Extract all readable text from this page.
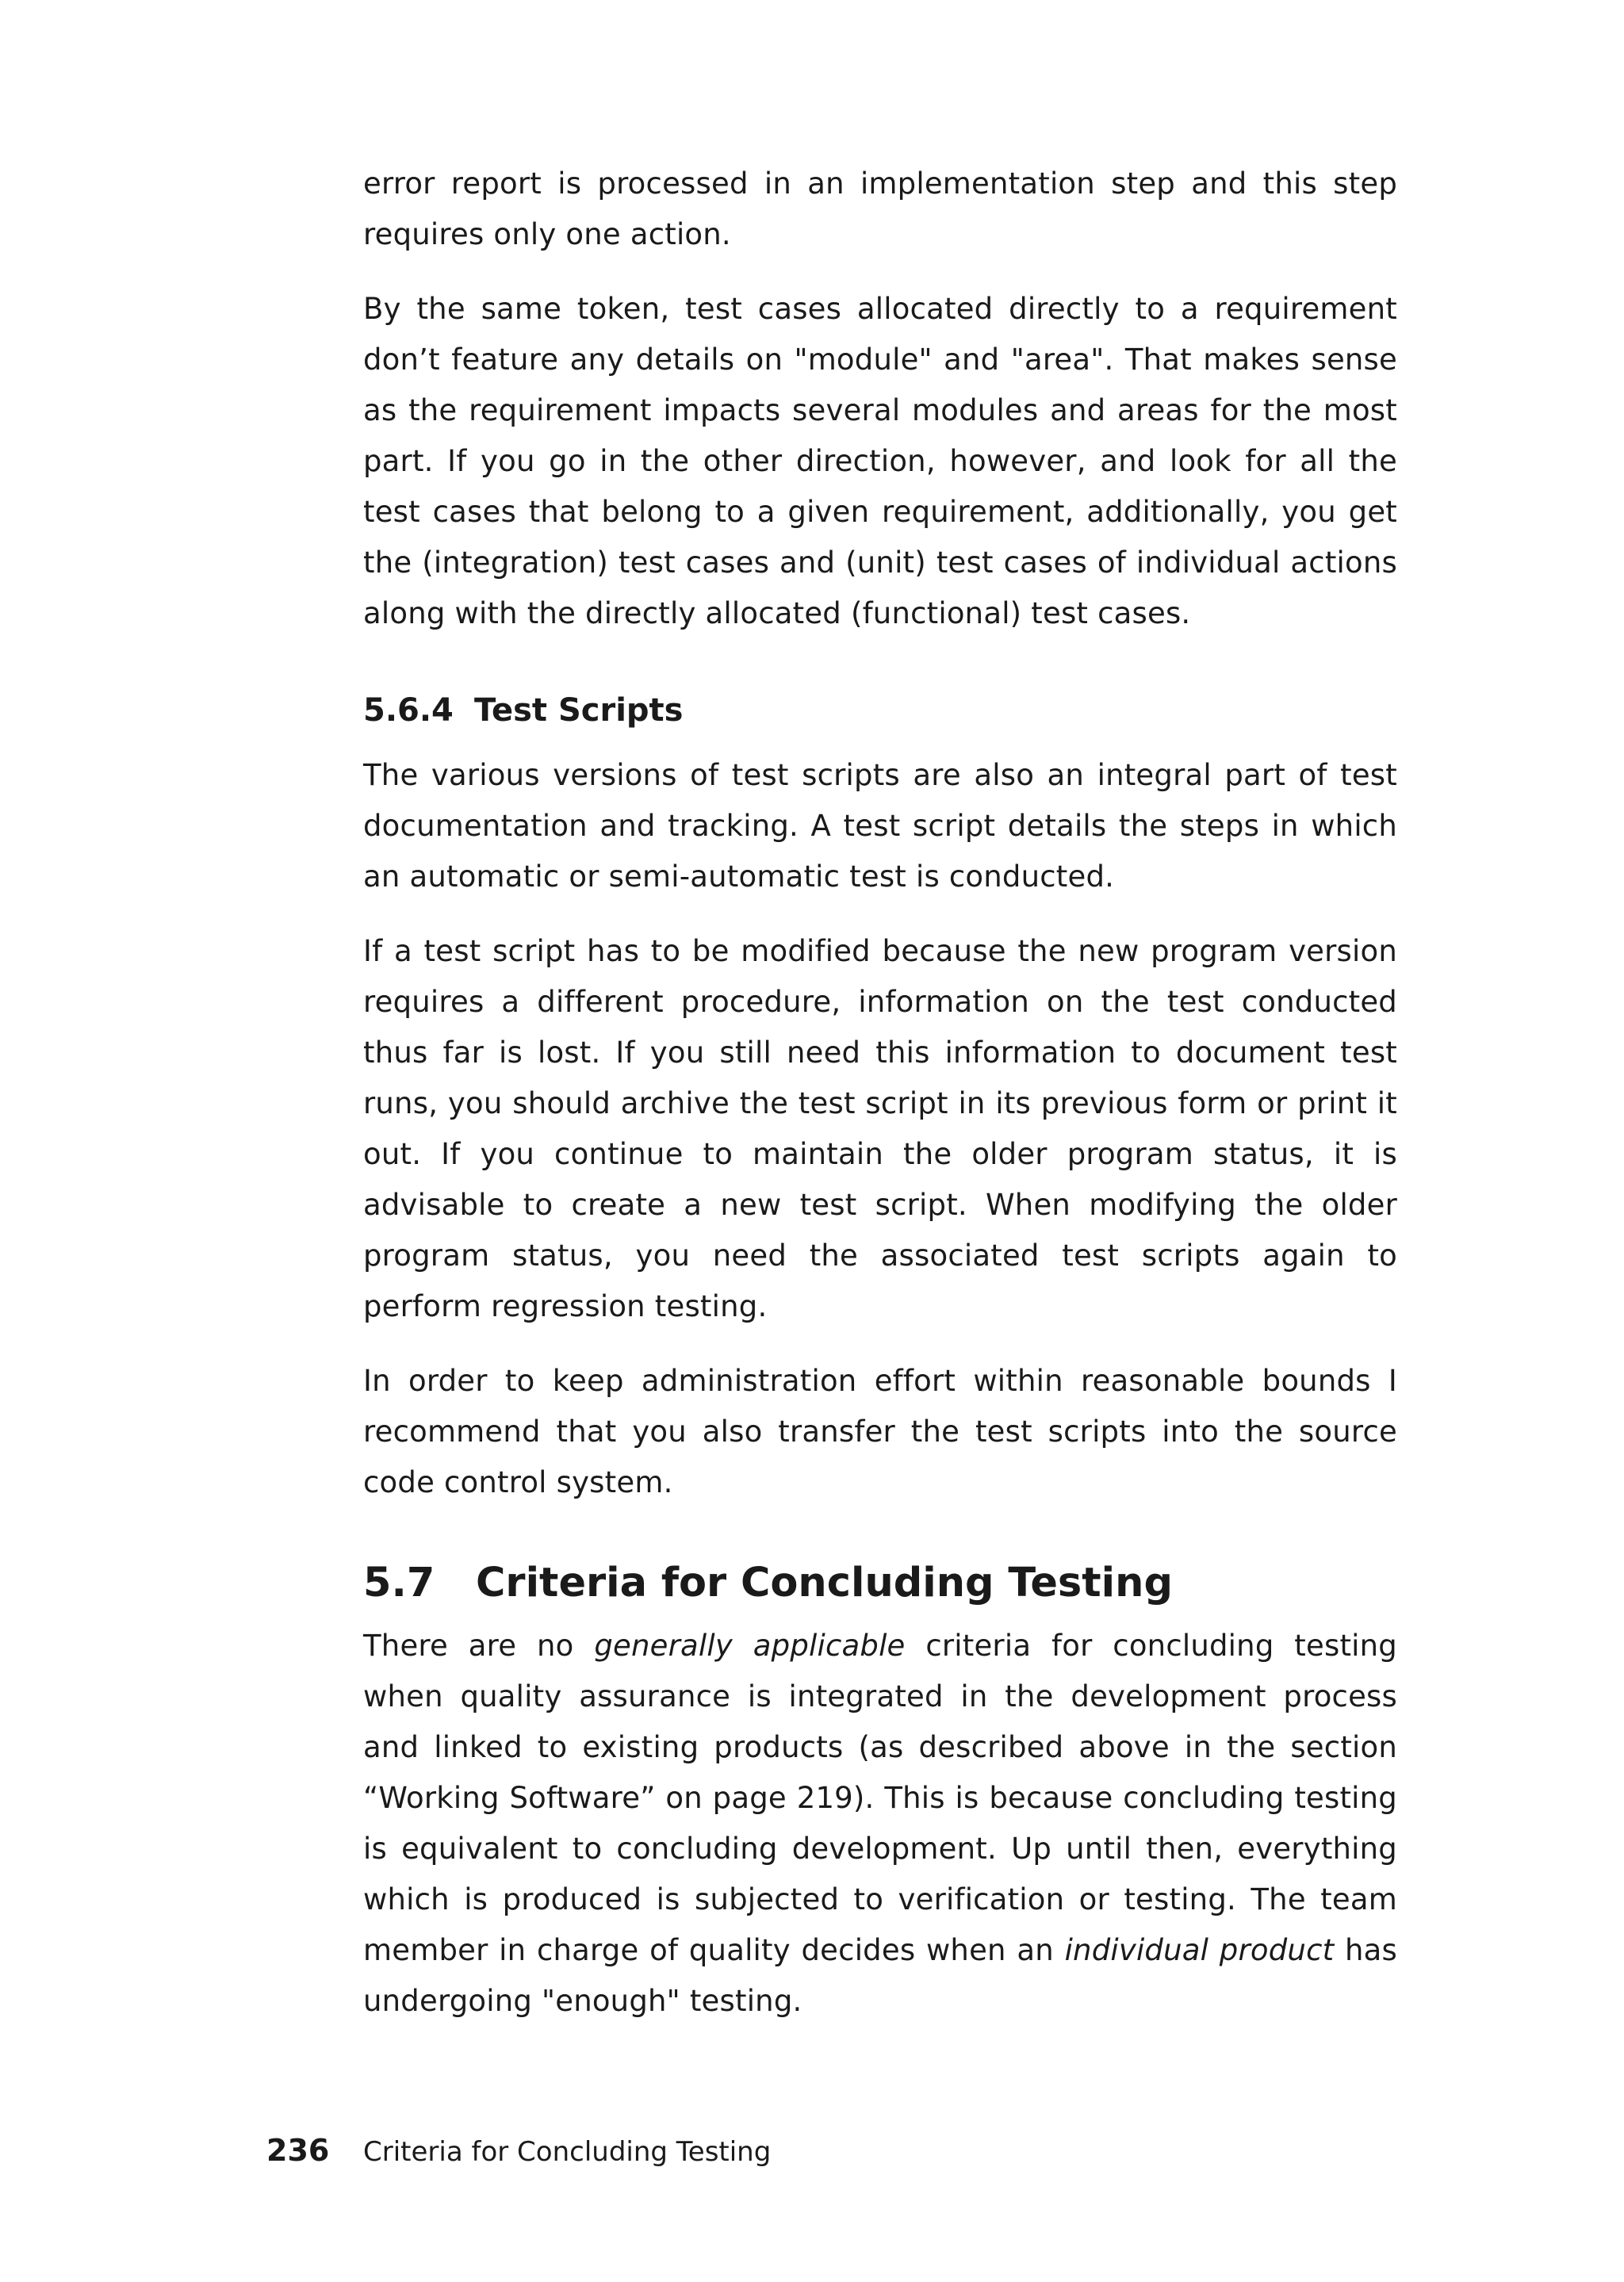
error report is processed in an implementation step and this step requires only one action.

By the same token, test cases allocated directly to a requirement don’t feature any details on "module" and "area". That makes sense as the requirement impacts several modules and areas for the most part. If you go in the other direction, however, and look for all the test cases that belong to a given requirement, additionally, you get the (integration) test cases and (unit) test cases of individual actions along with the directly allocated (functional) test cases.

5.6.4 Test Scripts

The various versions of test scripts are also an integral part of test documentation and tracking. A test script details the steps in which an automatic or semi-automatic test is conducted.

If a test script has to be modified because the new program version requires a different procedure, information on the test conducted thus far is lost. If you still need this information to document test runs, you should archive the test script in its previous form or print it out. If you continue to maintain the older program status, it is advisable to create a new test script. When modifying the older program status, you need the associated test scripts again to perform regression testing.

In order to keep administration effort within reasonable bounds I recommend that you also transfer the test scripts into the source code control system.

5.7 Criteria for Concluding Testing

There are no generally applicable criteria for concluding testing when quality assurance is integrated in the development process and linked to existing products (as described above in the section “Working Software” on page 219). This is because concluding testing is equivalent to concluding development. Up until then, everything which is produced is subjected to verification or testing. The team member in charge of quality decides when an individual product has undergoing "enough" testing.

236 Criteria for Concluding Testing
